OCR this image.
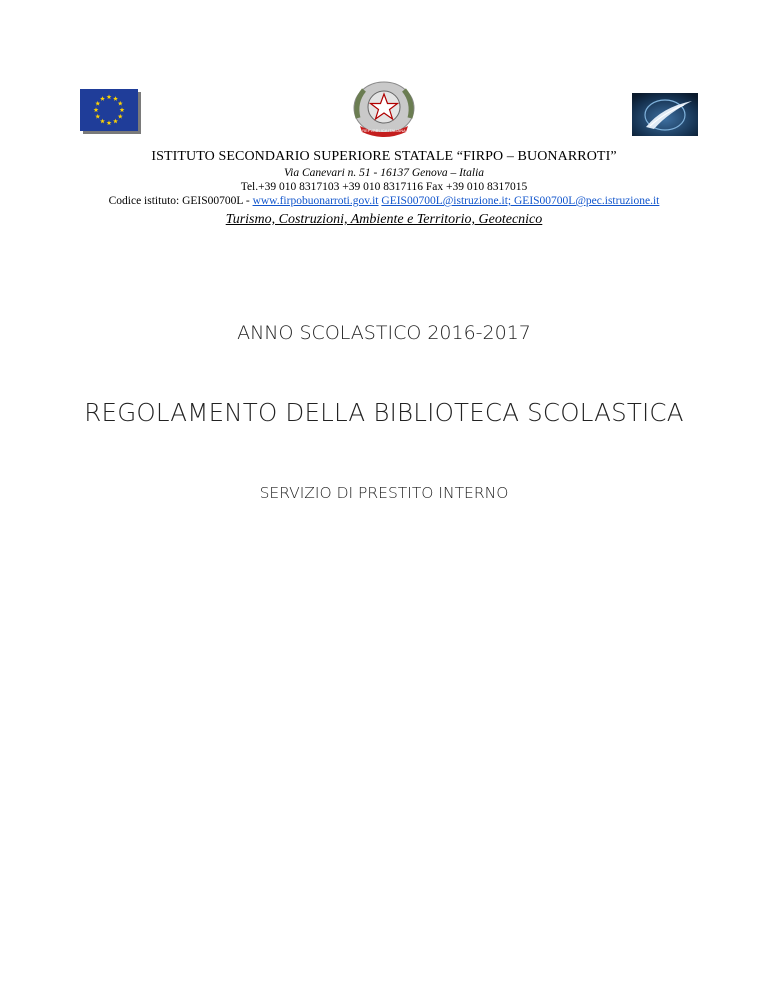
REPVBBLICA ITALIANA
ISTITUTO SECONDARIO SUPERIORE STATALE “FIRPO – BUONARROTI”
Via Canevari n. 51 - 16137 Genova – Italia
Tel.+39 010 8317103 +39 010 8317116 Fax +39 010 8317015
Codice istituto: GEIS00700L - www.firpobuonarroti.gov.it GEIS00700L@istruzione.it; GEIS00700L@pec.istruzione.it
Turismo, Costruzioni, Ambiente e Territorio, Geotecnico
ANNO SCOLASTICO 2016-2017
REGOLAMENTO DELLA BIBLIOTECA SCOLASTICA
SERVIZIO DI PRESTITO INTERNO
